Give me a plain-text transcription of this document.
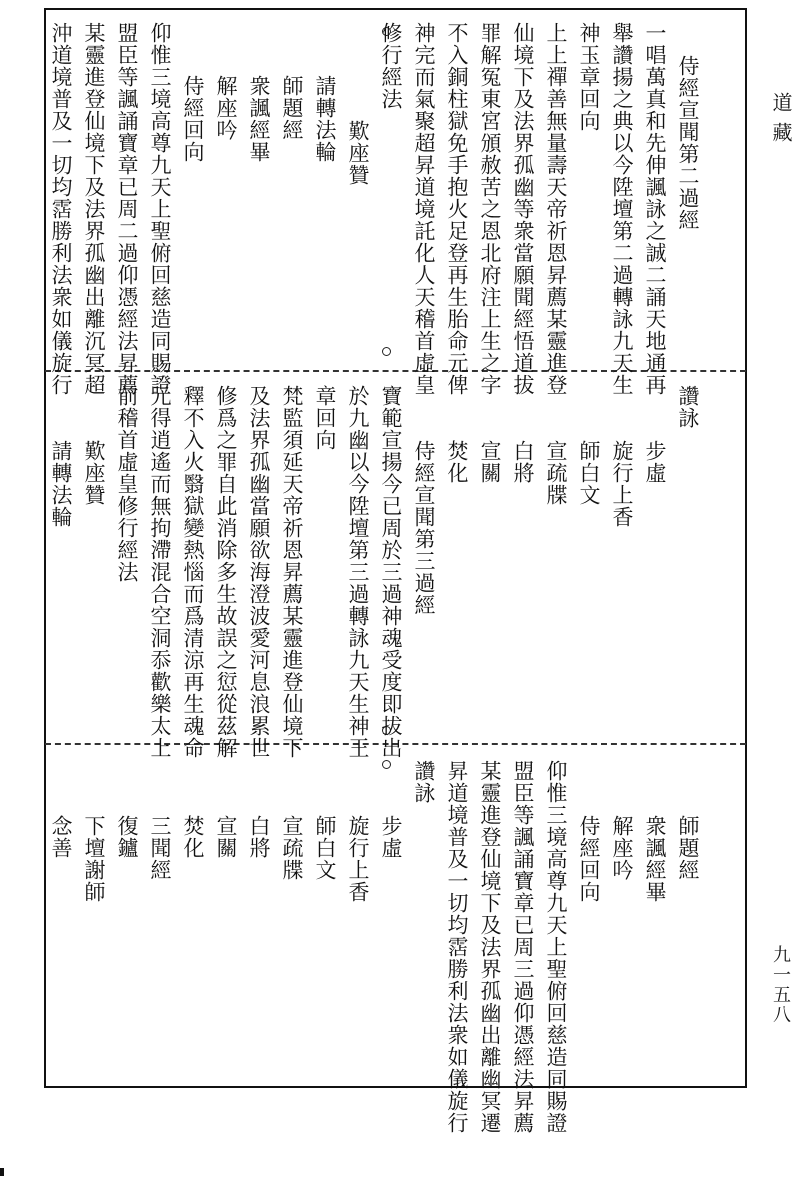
道藏
九一五八
侍經宣聞第二過經
一唱萬真和先伸諷詠之誠二誦天地通再
舉讚揚之典以今陞壇第二過轉詠九天生
神玉章回向
上上禪善無量壽天帝祈恩昇薦某靈進登
仙境下及法界孤幽等衆當願聞經悟道拔
罪解冤東宮頒赦苦之恩北府注上生之字
不入銅柱獄免手抱火足登再生胎命元俾
神完而氣聚超昇道境託化人天稽首虛皇
修行經法
歎座贊
請轉法輪
師題經
衆諷經畢
解座吟
侍經回向
仰惟三境高尊九天上聖俯回慈造同賜證
盟臣等諷誦寶章已周二過仰憑經法昇薦
某靈進登仙境下及法界孤幽出離沉冥超
沖道境普及一切均霑勝利法衆如儀旋行
讚詠
步虛
旋行上香
師白文
宣疏牒
白將
宣關
焚化
侍經宣聞第三過經
寶範宣揚今已周於三過神魂受度即拔出
於九幽以今陞壇第三過轉詠九天生神王
章回向
梵監須延天帝祈恩昇薦某靈進登仙境下
及法界孤幽當願欲海澄波愛河息浪累世
修爲之罪自此消除多生故誤之愆從茲解
釋不入火翳獄變熱惱而爲清涼再生魂命
元得逍遙而無拘滯混合空洞忝歡樂太上
前稽首虛皇修行經法
歎座贊
請轉法輪
師題經
衆諷經畢
解座吟
侍經回向
仰惟三境高尊九天上聖俯回慈造同賜證
盟臣等諷誦寶章已周三過仰憑經法昇薦
某靈進登仙境下及法界孤幽出離幽冥遷
昇道境普及一切均霑勝利法衆如儀旋行
讚詠
步虛
旋行上香
師白文
宣疏牒
白將
宣關
焚化
三聞經
復鑪
下壇謝師
念善
